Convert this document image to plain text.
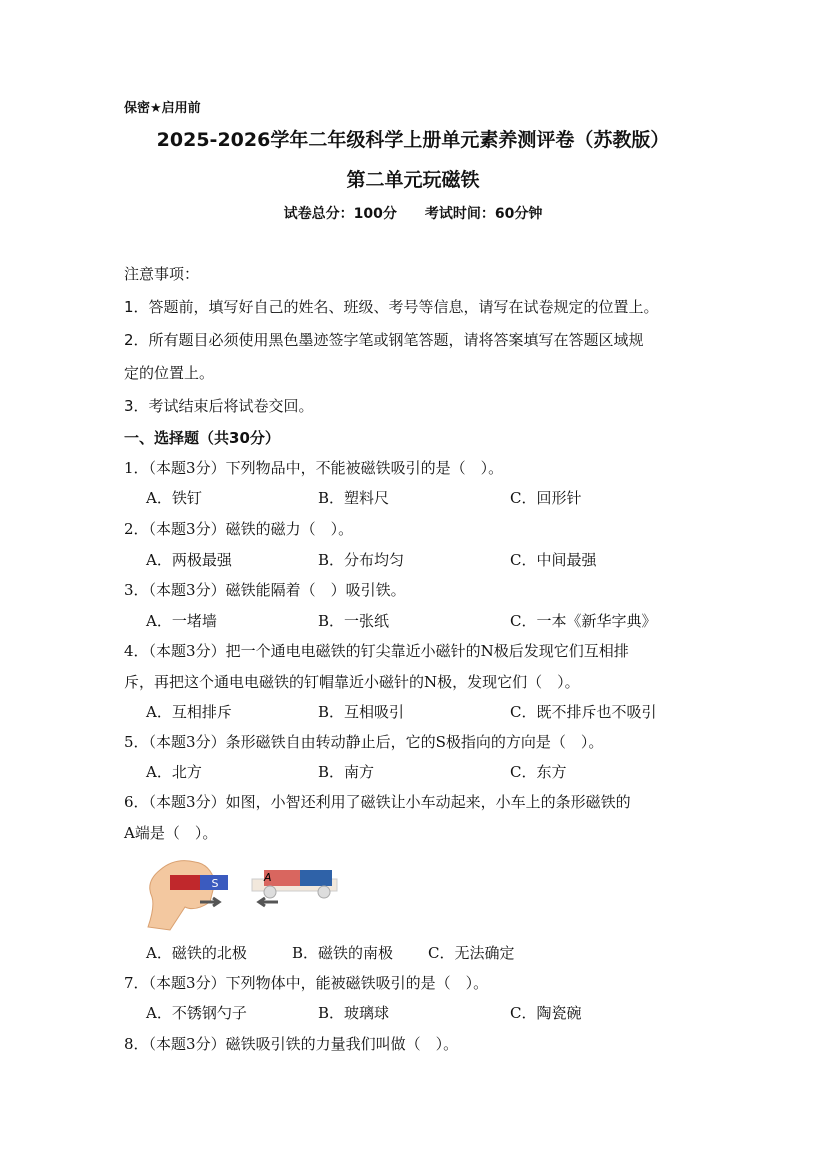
保密★启用前
2025-2026学年二年级科学上册单元素养测评卷（苏教版）
第二单元玩磁铁
试卷总分：100分　　考试时间：60分钟
注意事项：
1．答题前，填写好自己的姓名、班级、考号等信息，请写在试卷规定的位置上。
2．所有题目必须使用黑色墨迹签字笔或钢笔答题，请将答案填写在答题区域规
定的位置上。
3．考试结束后将试卷交回。
一、选择题（共30分）
1．（本题3分）下列物品中，不能被磁铁吸引的是（　）。
A．铁钉	B．塑料尺	C．回形针
2．（本题3分）磁铁的磁力（　）。
A．两极最强	B．分布均匀	C．中间最强
3．（本题3分）磁铁能隔着（　）吸引铁。
A．一堵墙	B．一张纸	C．一本《新华字典》
4．（本题3分）把一个通电电磁铁的钉尖靠近小磁针的N极后发现它们互相排
斥，再把这个通电电磁铁的钉帽靠近小磁针的N极，发现它们（　）。
A．互相排斥	B．互相吸引	C．既不排斥也不吸引
5．（本题3分）条形磁铁自由转动静止后，它的S极指向的方向是（　）。
A．北方	B．南方	C．东方
6．（本题3分）如图，小智还利用了磁铁让小车动起来，小车上的条形磁铁的
A端是（　）。
S	A
A．磁铁的北极	B．磁铁的南极 C．无法确定
7．（本题3分）下列物体中，能被磁铁吸引的是（　）。
A．不锈钢勺子	B．玻璃球	C．陶瓷碗
8．（本题3分）磁铁吸引铁的力量我们叫做（　）。
